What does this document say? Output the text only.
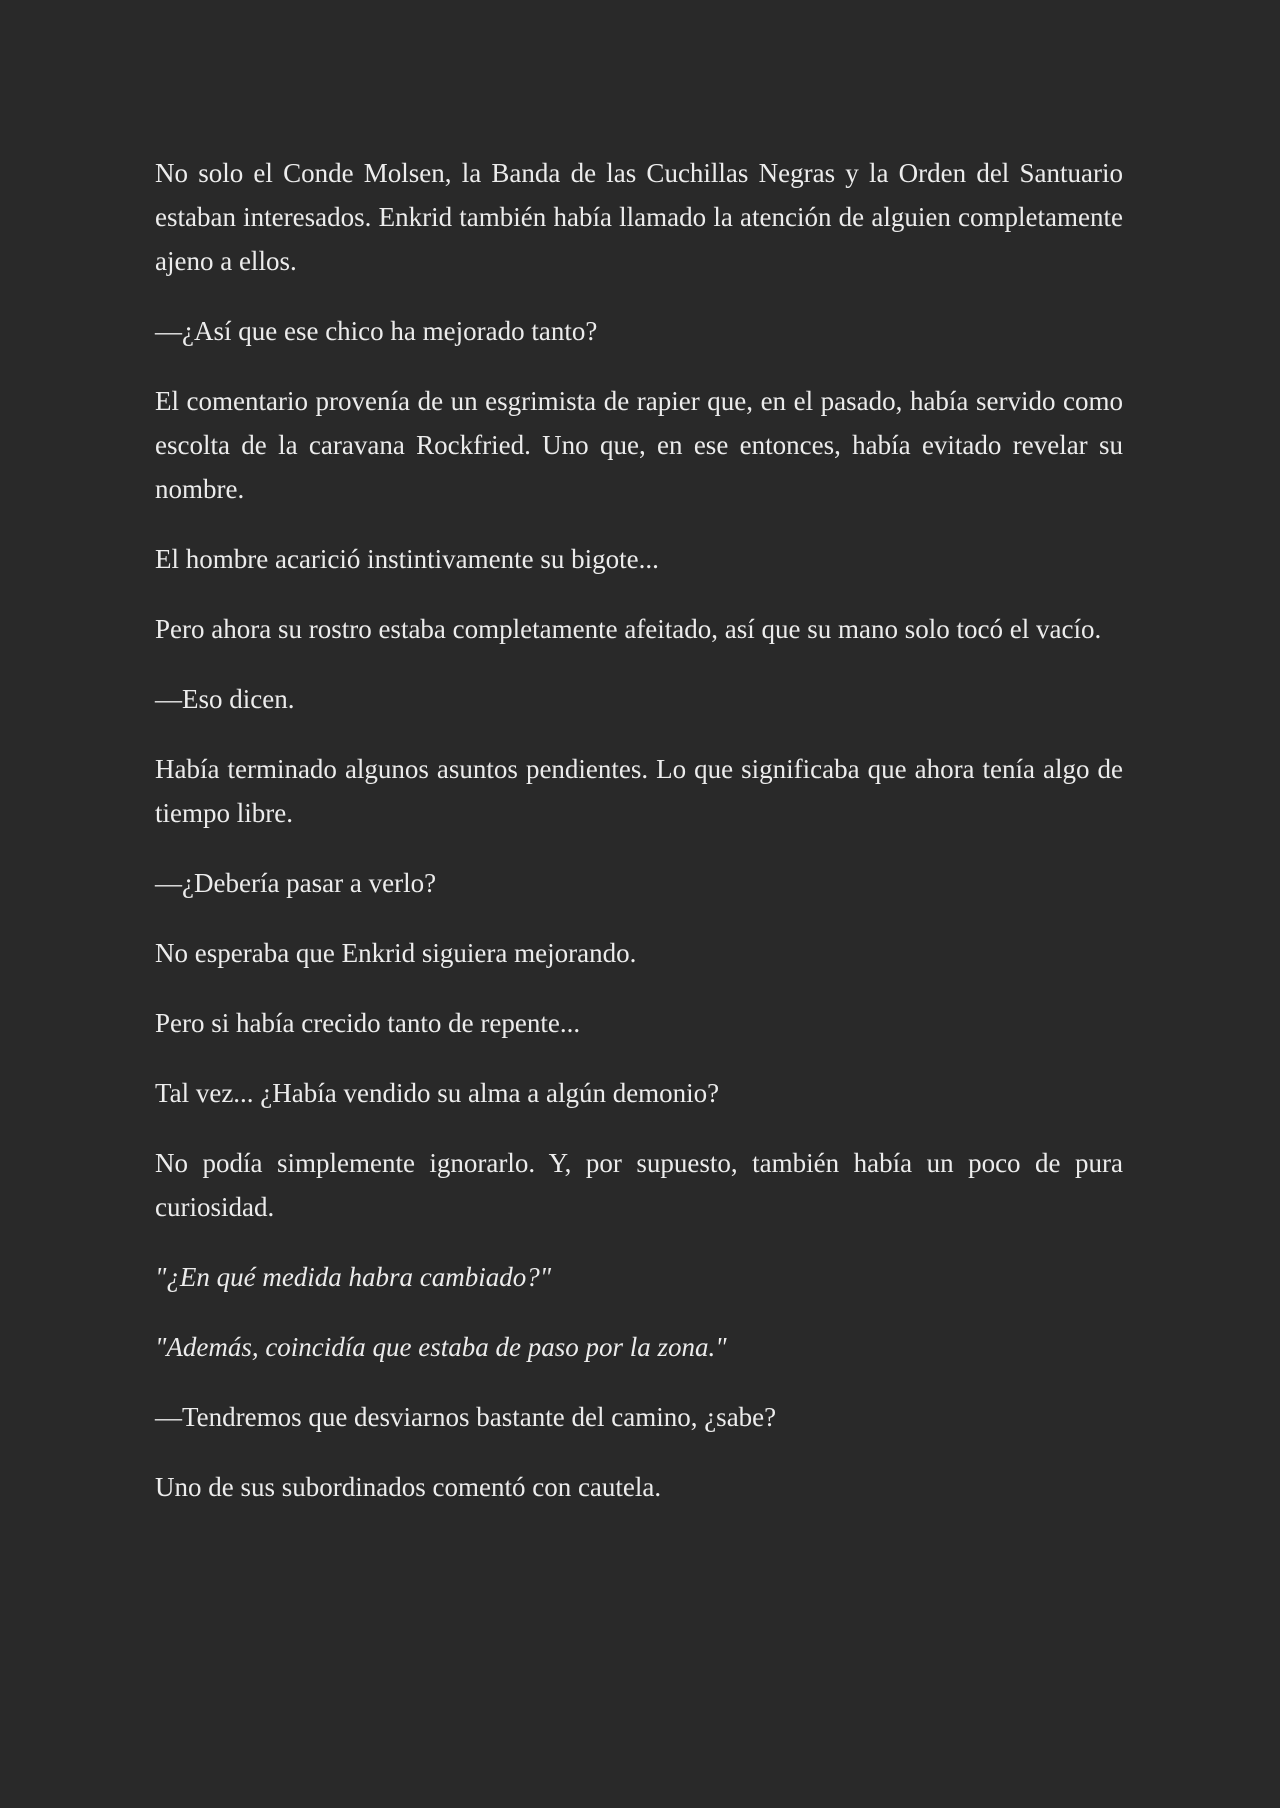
No solo el Conde Molsen, la Banda de las Cuchillas Negras y la Orden del Santuario estaban interesados. Enkrid también había llamado la atención de alguien completamente ajeno a ellos.

—¿Así que ese chico ha mejorado tanto?

El comentario provenía de un esgrimista de rapier que, en el pasado, había servido como escolta de la caravana Rockfried. Uno que, en ese entonces, había evitado revelar su nombre.

El hombre acarició instintivamente su bigote...

Pero ahora su rostro estaba completamente afeitado, así que su mano solo tocó el vacío.

—Eso dicen.

Había terminado algunos asuntos pendientes. Lo que significaba que ahora tenía algo de tiempo libre.

—¿Debería pasar a verlo?

No esperaba que Enkrid siguiera mejorando.

Pero si había crecido tanto de repente...

Tal vez... ¿Había vendido su alma a algún demonio?

No podía simplemente ignorarlo. Y, por supuesto, también había un poco de pura curiosidad.

"¿En qué medida habra cambiado?"

"Además, coincidía que estaba de paso por la zona."

—Tendremos que desviarnos bastante del camino, ¿sabe?

Uno de sus subordinados comentó con cautela.
